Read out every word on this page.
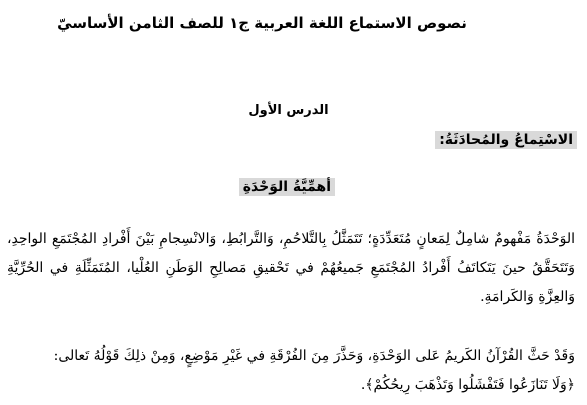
نصوص الاستماع اللغة العربية ج١ للصف الثامن الأساسيّ
الدرس الأول
الاسْتِماعُ والمُحادَثَةُ:
أهمِّيَّةُ الوَحْدَةِ
الوَحْدَةُ مَفْهومٌ شامِلٌ لِمَعانٍ مُتَعَدِّدَةٍ؛ تَتَمَثَّلُ بِالتَّلاحُمِ، وَالتَّرابُطِ، وَالانْسِجامِ بَيْنَ أَفْرادِ المُجْتَمَعِ الواحِدِ، وَتَتَحَقَّقُ حينَ يَتَكاتَفُ أَفْرادُ المُجْتَمَعِ جَميعُهُمْ في تَحْقيقِ مَصالِحِ الوَطَنِ العُلْيا، المُتَمَثِّلَةِ في الحُرِّيَّةِ وَالعِزَّةِ وَالكَرامَةِ.
وَقَدْ حَثَّ القُرْآنُ الكَريمُ عَلى الوَحْدَةِ، وَحَذَّرَ مِنَ الفُرْقَةِ في غَيْرِ مَوْضِعٍ، وَمِنْ ذلِكَ قَوْلُهُ تَعالى:
﴿وَلَا تَنَازَعُوا فَتَفْشَلُوا وَتَذْهَبَ رِيحُكُمْ﴾.
